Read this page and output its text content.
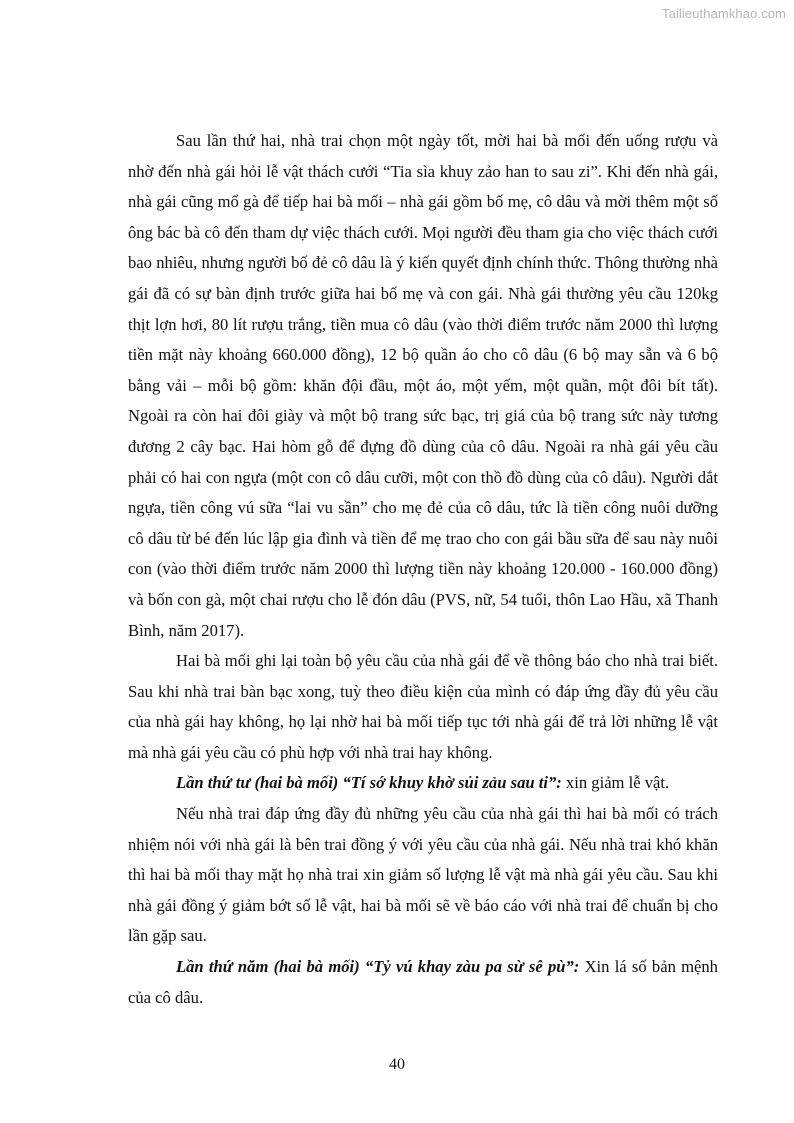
Tailieuthamkhao.com

Sau lần thứ hai, nhà trai chọn một ngày tốt, mời hai bà mối đến uống rượu và nhờ đến nhà gái hỏi lễ vật thách cưới “Tia sìa khuy zảo han to sau zi”. Khi đến nhà gái, nhà gái cũng mổ gà để tiếp hai bà mối – nhà gái gồm bố mẹ, cô dâu và mời thêm một số ông bác bà cô đến tham dự việc thách cưới. Mọi người đều tham gia cho việc thách cưới bao nhiêu, nhưng người bố đẻ cô dâu là ý kiến quyết định chính thức. Thông thường nhà gái đã có sự bàn định trước giữa hai bố mẹ và con gái. Nhà gái thường yêu cầu 120kg thịt lợn hơi, 80 lít rượu trắng, tiền mua cô dâu (vào thời điểm trước năm 2000 thì lượng tiền mặt này khoảng 660.000 đồng), 12 bộ quần áo cho cô dâu (6 bộ may sẵn và 6 bộ bằng vải – mỗi bộ gồm: khăn đội đầu, một áo, một yếm, một quần, một đôi bít tất). Ngoài ra còn hai đôi giày và một bộ trang sức bạc, trị giá của bộ trang sức này tương đương 2 cây bạc. Hai hòm gỗ để đựng đồ dùng của cô dâu. Ngoài ra nhà gái yêu cầu phải có hai con ngựa (một con cô dâu cưỡi, một con thồ đồ dùng của cô dâu). Người dắt ngựa, tiền công vú sữa “lai vu sần” cho mẹ đẻ của cô dâu, tức là tiền công nuôi dưỡng cô dâu từ bé đến lúc lập gia đình và tiền để mẹ trao cho con gái bầu sữa để sau này nuôi con (vào thời điểm trước năm 2000 thì lượng tiền này khoảng 120.000 - 160.000 đồng) và bốn con gà, một chai rượu cho lễ đón dâu (PVS, nữ, 54 tuổi, thôn Lao Hầu, xã Thanh Bình, năm 2017).

Hai bà mối ghi lại toàn bộ yêu cầu của nhà gái để về thông báo cho nhà trai biết. Sau khi nhà trai bàn bạc xong, tuỳ theo điều kiện của mình có đáp ứng đầy đủ yêu cầu của nhà gái hay không, họ lại nhờ hai bà mối tiếp tục tới nhà gái để trả lời những lễ vật mà nhà gái yêu cầu có phù hợp với nhà trai hay không.

Lần thứ tư (hai bà mối) “Tí sớ khuy khờ sủi zảu sau ti”: xin giảm lễ vật.

Nếu nhà trai đáp ứng đầy đủ những yêu cầu của nhà gái thì hai bà mối có trách nhiệm nói với nhà gái là bên trai đồng ý với yêu cầu của nhà gái. Nếu nhà trai khó khăn thì hai bà mối thay mặt họ nhà trai xin giảm số lượng lễ vật mà nhà gái yêu cầu. Sau khi nhà gái đồng ý giảm bớt số lễ vật, hai bà mối sẽ về báo cáo với nhà trai để chuẩn bị cho lần gặp sau.

Lần thứ năm (hai bà mối) “Tỷ vú khay zàu pa sừ sê pù”: Xin lá số bản mệnh của cô dâu.

40
